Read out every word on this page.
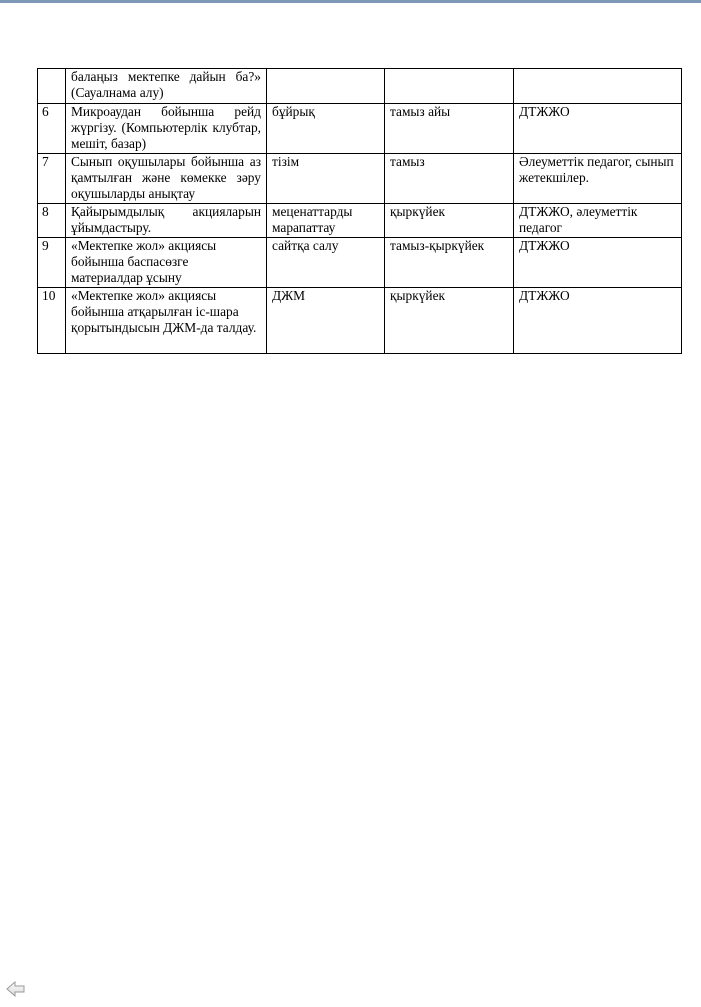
	балаңыз мектепке дайын ба?» (Сауалнама алу)			
6	Микроаудан бойынша рейд жүргізу. (Компьютерлік клубтар, мешіт, базар)	бұйрық	тамыз айы	ДТЖЖО
7	Сынып оқушылары бойынша аз қамтылған және көмекке зәру оқушыларды анықтау	тізім	тамыз	Әлеуметтік педагог, сынып жетекшілер.
8	Қайырымдылық акцияларын ұйымдастыру.	меценаттарды марапаттау	қыркүйек	ДТЖЖО, әлеуметтік педагог
9	«Мектепке жол» акциясы бойынша баспасөзге материалдар ұсыну	сайтқа салу	тамыз-қыркүйек	ДТЖЖО
10	«Мектепке жол» акциясы бойынша атқарылған іс-шара қорытындысын ДЖМ-да талдау.	ДЖМ	қыркүйек	ДТЖЖО
